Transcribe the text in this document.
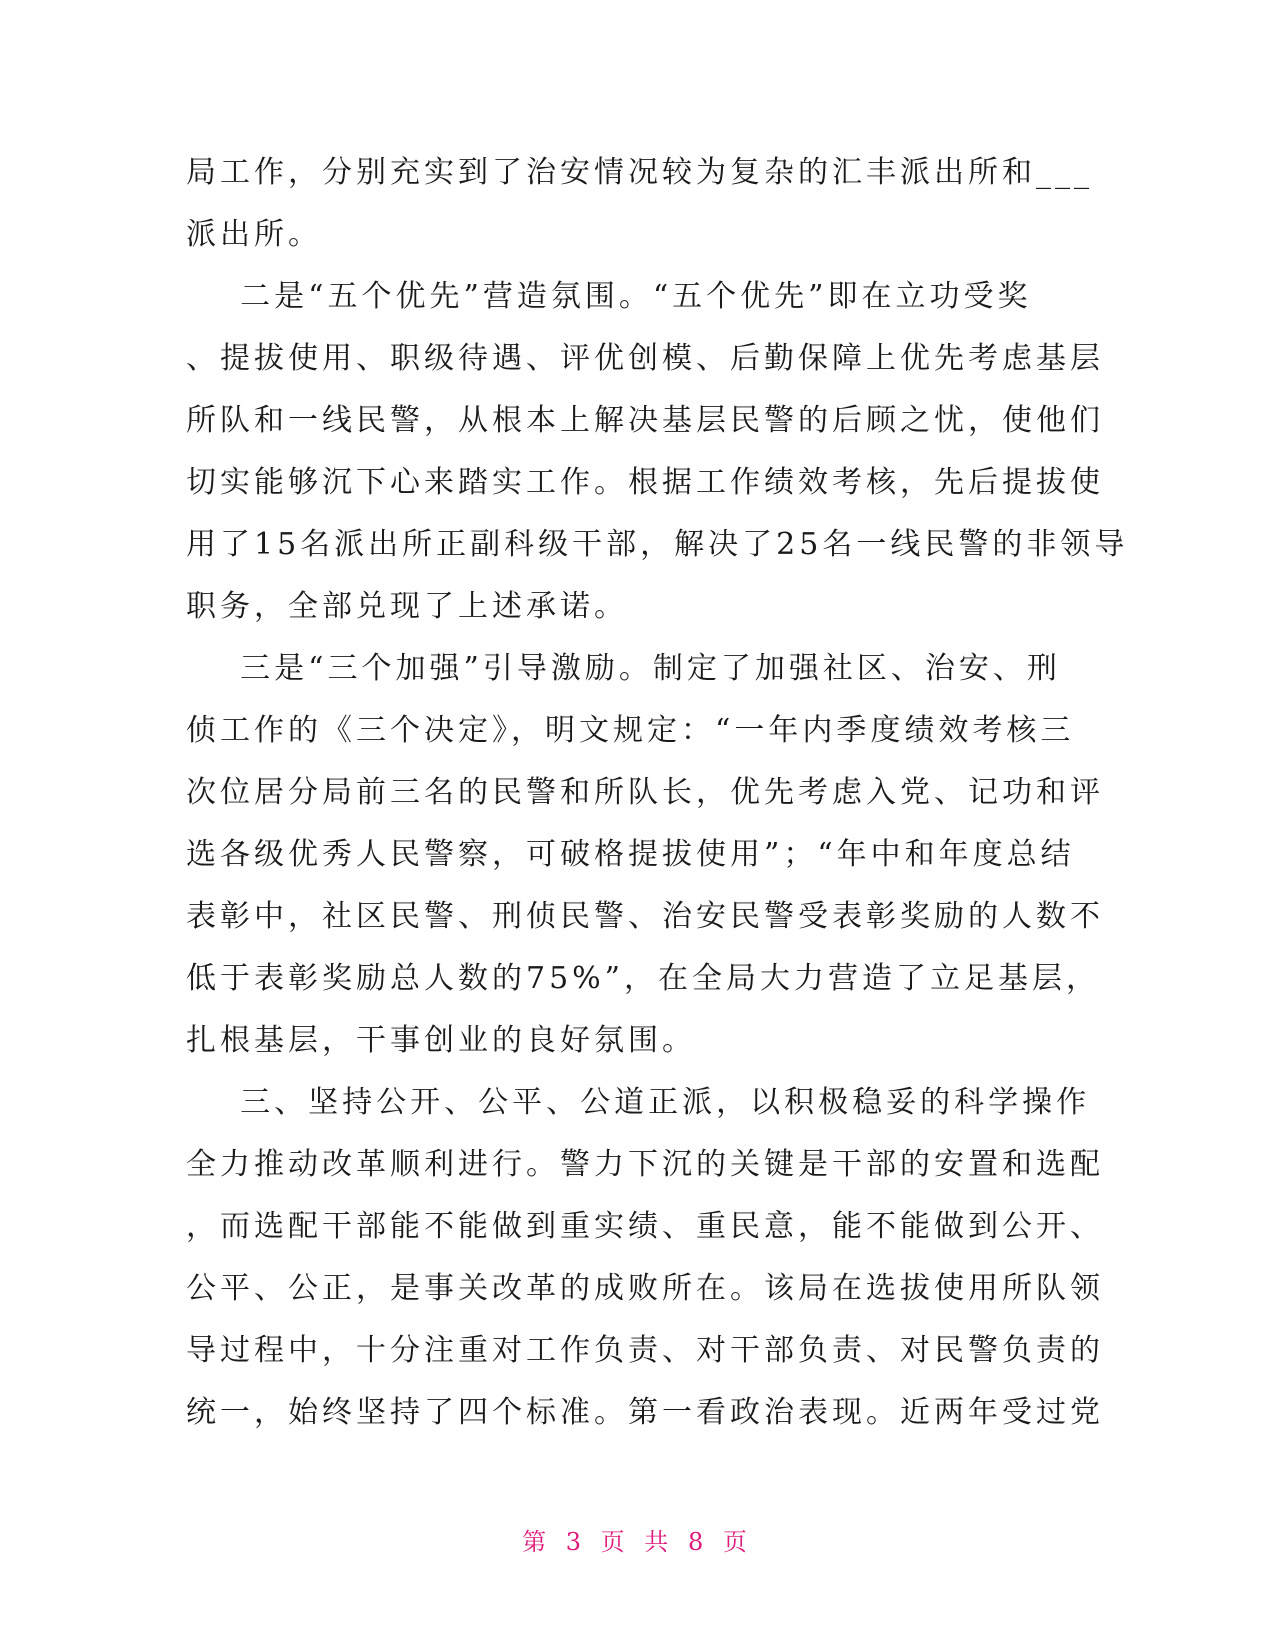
局工作，分别充实到了治安情况较为复杂的汇丰派出所和___
派出所。
二是“五个优先”营造氛围。“五个优先”即在立功受奖
、提拔使用、职级待遇、评优创模、后勤保障上优先考虑基层
所队和一线民警，从根本上解决基层民警的后顾之忧，使他们
切实能够沉下心来踏实工作。根据工作绩效考核，先后提拔使
用了15名派出所正副科级干部，解决了25名一线民警的非领导
职务，全部兑现了上述承诺。
三是“三个加强”引导激励。制定了加强社区、治安、刑
侦工作的《三个决定》，明文规定：“一年内季度绩效考核三
次位居分局前三名的民警和所队长，优先考虑入党、记功和评
选各级优秀人民警察，可破格提拔使用”；“年中和年度总结
表彰中，社区民警、刑侦民警、治安民警受表彰奖励的人数不
低于表彰奖励总人数的75%”，在全局大力营造了立足基层，
扎根基层，干事创业的良好氛围。
三、坚持公开、公平、公道正派，以积极稳妥的科学操作
全力推动改革顺利进行。警力下沉的关键是干部的安置和选配
，而选配干部能不能做到重实绩、重民意，能不能做到公开、
公平、公正，是事关改革的成败所在。该局在选拔使用所队领
导过程中，十分注重对工作负责、对干部负责、对民警负责的
统一，始终坚持了四个标准。第一看政治表现。近两年受过党
第 3 页 共 8 页
